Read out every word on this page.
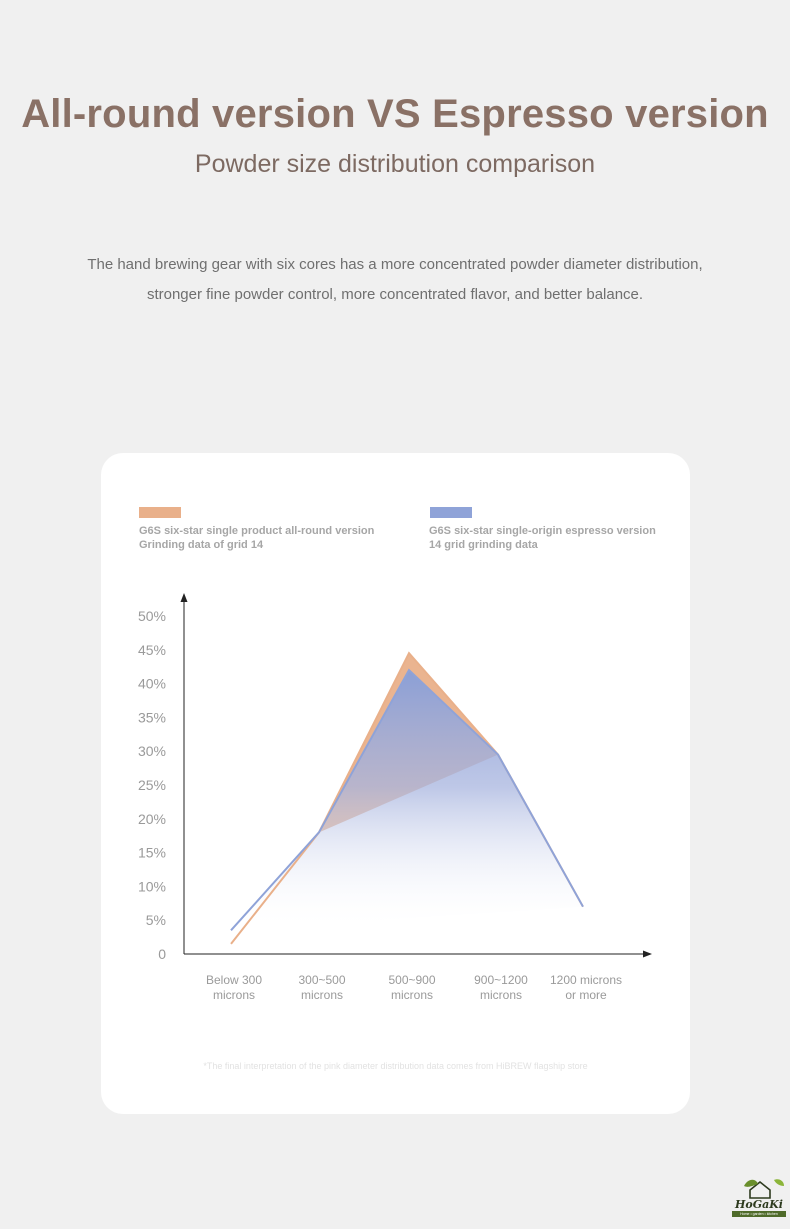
All-round version VS Espresso version
Powder size distribution comparison
The hand brewing gear with six cores has a more concentrated powder diameter distribution,
stronger fine powder control, more concentrated flavor, and better balance.
G6S six-star single product all-round version
Grinding data of grid 14
G6S six-star single-origin espresso version
14 grid grinding data
0
5%
10%
15%
20%
25%
30%
35%
40%
45%
50%
Below 300
microns
300~500
microns
500~900
microns
900~1200
microns
1200 microns
or more
*The final interpretation of the pink diameter distribution data comes from HiBREW flagship store
HoGaKi
Home • garden • kitchen
